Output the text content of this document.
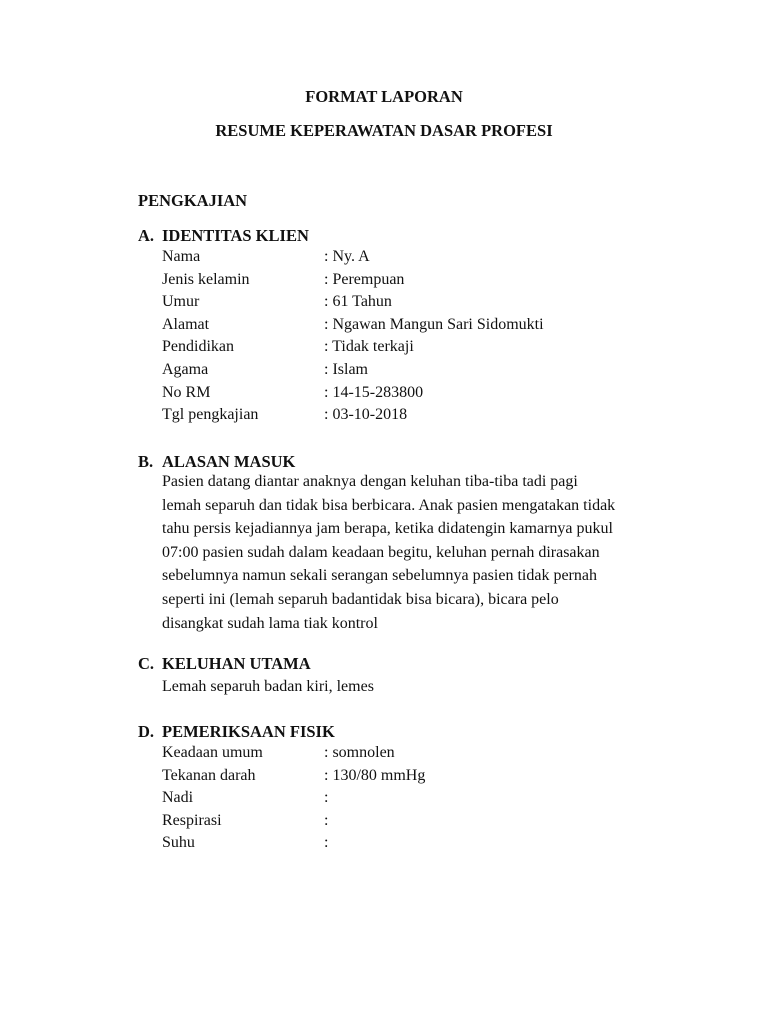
FORMAT LAPORAN
RESUME KEPERAWATAN DASAR PROFESI
PENGKAJIAN
A. IDENTITAS KLIEN
Nama	: Ny. A
Jenis kelamin	: Perempuan
Umur	: 61 Tahun
Alamat	: Ngawan Mangun Sari Sidomukti
Pendidikan	: Tidak terkaji
Agama	: Islam
No RM	: 14-15-283800
Tgl pengkajian	: 03-10-2018
B. ALASAN MASUK

Pasien datang diantar anaknya dengan keluhan tiba-tiba tadi pagi
lemah separuh dan tidak bisa berbicara. Anak pasien mengatakan tidak
tahu persis kejadiannya jam berapa, ketika didatengin kamarnya pukul
07:00 pasien sudah dalam keadaan begitu, keluhan pernah dirasakan
sebelumnya namun sekali serangan sebelumnya pasien tidak pernah
seperti ini (lemah separuh badantidak bisa bicara), bicara pelo
disangkat sudah lama tiak kontrol

C. KELUHAN UTAMA

Lemah separuh badan kiri, lemes

D. PEMERIKSAAN FISIK
Keadaan umum	: somnolen
Tekanan darah	: 130/80 mmHg
Nadi	:
Respirasi	:
Suhu	:
